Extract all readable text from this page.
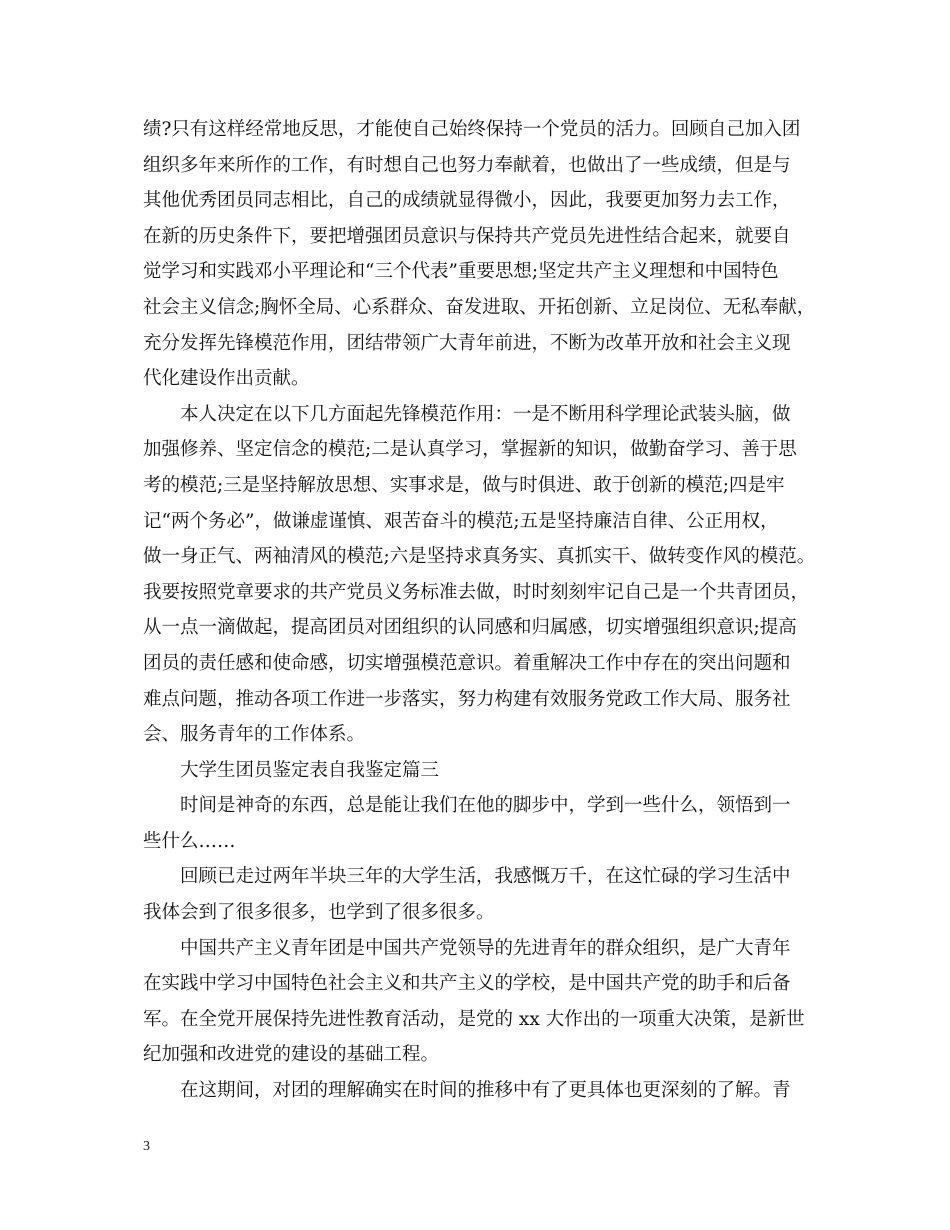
绩?只有这样经常地反思，才能使自己始终保持一个党员的活力。回顾自己加入团
组织多年来所作的工作，有时想自己也努力奉献着，也做出了一些成绩，但是与
其他优秀团员同志相比，自己的成绩就显得微小，因此，我要更加努力去工作，
在新的历史条件下，要把增强团员意识与保持共产党员先进性结合起来，就要自
觉学习和实践邓小平理论和“三个代表”重要思想;坚定共产主义理想和中国特色
社会主义信念;胸怀全局、心系群众、奋发进取、开拓创新、立足岗位、无私奉献，
充分发挥先锋模范作用，团结带领广大青年前进，不断为改革开放和社会主义现
代化建设作出贡献。
本人决定在以下几方面起先锋模范作用：一是不断用科学理论武装头脑，做
加强修养、坚定信念的模范;二是认真学习，掌握新的知识，做勤奋学习、善于思
考的模范;三是坚持解放思想、实事求是，做与时俱进、敢于创新的模范;四是牢
记“两个务必”，做谦虚谨慎、艰苦奋斗的模范;五是坚持廉洁自律、公正用权，
做一身正气、两袖清风的模范;六是坚持求真务实、真抓实干、做转变作风的模范。
我要按照党章要求的共产党员义务标准去做，时时刻刻牢记自己是一个共青团员，
从一点一滴做起，提高团员对团组织的认同感和归属感，切实增强组织意识;提高
团员的责任感和使命感，切实增强模范意识。着重解决工作中存在的突出问题和
难点问题，推动各项工作进一步落实，努力构建有效服务党政工作大局、服务社
会、服务青年的工作体系。
大学生团员鉴定表自我鉴定篇三
时间是神奇的东西，总是能让我们在他的脚步中，学到一些什么，领悟到一
些什么……
回顾已走过两年半块三年的大学生活，我感慨万千，在这忙碌的学习生活中
我体会到了很多很多，也学到了很多很多。
中国共产主义青年团是中国共产党领导的先进青年的群众组织，是广大青年
在实践中学习中国特色社会主义和共产主义的学校，是中国共产党的助手和后备
军。在全党开展保持先进性教育活动，是党的 xx 大作出的一项重大决策，是新世
纪加强和改进党的建设的基础工程。
在这期间，对团的理解确实在时间的推移中有了更具体也更深刻的了解。青
3
